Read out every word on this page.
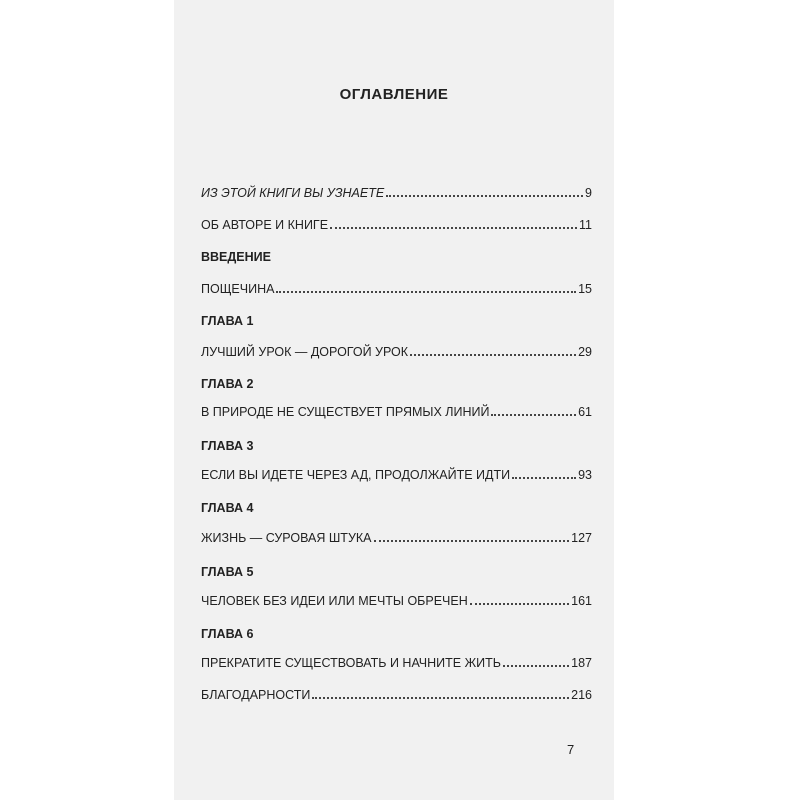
ОГЛАВЛЕНИЕ
ИЗ ЭТОЙ КНИГИ ВЫ УЗНАЕТЕ	9
ОБ АВТОРЕ И КНИГЕ	11
ВВЕДЕНИЕ
ПОЩЕЧИНА	15
ГЛАВА 1
ЛУЧШИЙ УРОК — ДОРОГОЙ УРОК	29
ГЛАВА 2
В ПРИРОДЕ НЕ СУЩЕСТВУЕТ ПРЯМЫХ ЛИНИЙ	61
ГЛАВА 3
ЕСЛИ ВЫ ИДЕТЕ ЧЕРЕЗ АД, ПРОДОЛЖАЙТЕ ИДТИ	93
ГЛАВА 4
ЖИЗНЬ — СУРОВАЯ ШТУКА	127
ГЛАВА 5
ЧЕЛОВЕК БЕЗ ИДЕИ ИЛИ МЕЧТЫ ОБРЕЧЕН	161
ГЛАВА 6
ПРЕКРАТИТЕ СУЩЕСТВОВАТЬ И НАЧНИТЕ ЖИТЬ	187
БЛАГОДАРНОСТИ	216
7
